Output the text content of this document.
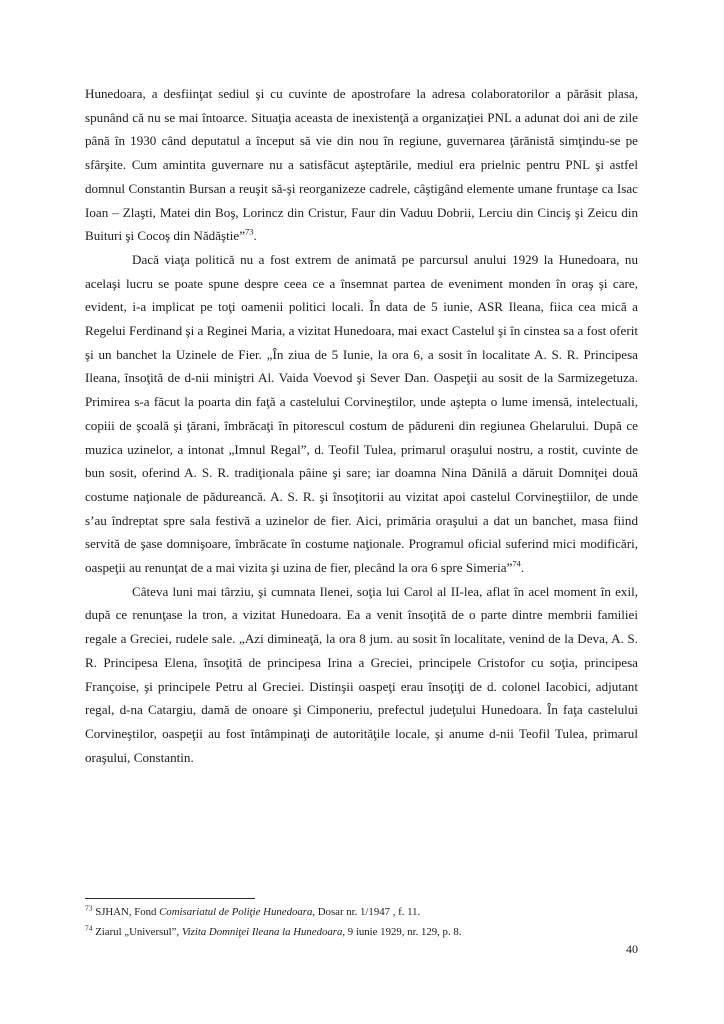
Hunedoara, a desfiinţat sediul şi cu cuvinte de apostrofare la adresa colaboratorilor a părăsit plasa, spunând că nu se mai întoarce. Situaţia aceasta de inexistenţă a organizaţiei PNL a adunat doi ani de zile până în 1930 când deputatul a început să vie din nou în regiune, guvernarea ţărănistă simţindu-se pe sfârşite. Cum amintita guvernare nu a satisfăcut aşteptările, mediul era prielnic pentru PNL şi astfel domnul Constantin Bursan a reuşit să-şi reorganizeze cadrele, câştigând elemente umane fruntaşe ca Isac Ioan – Zlaşti, Matei din Boş, Lorincz din Cristur, Faur din Vaduu Dobrii, Lerciu din Cinciş şi Zeicu din Buituri şi Cocoş din Nădăştie”$^{73}$.

Dacă viaţa politică nu a fost extrem de animată pe parcursul anului 1929 la Hunedoara, nu acelaşi lucru se poate spune despre ceea ce a însemnat partea de eveniment monden în oraş şi care, evident, i-a implicat pe toţi oamenii politici locali. În data de 5 iunie, ASR Ileana, fiica cea mică a Regelui Ferdinand şi a Reginei Maria, a vizitat Hunedoara, mai exact Castelul şi în cinstea sa a fost oferit şi un banchet la Uzinele de Fier. „În ziua de 5 Iunie, la ora 6, a sosit în localitate A. S. R. Principesa Ileana, însoţită de d-nii miniştri Al. Vaida Voevod şi Sever Dan. Oaspeţii au sosit de la Sarmizegetuza. Primirea s-a făcut la poarta din faţă a castelului Corvineştilor, unde aştepta o lume imensă, intelectuali, copiii de şcoală şi ţărani, îmbrăcaţi în pitorescul costum de pădureni din regiunea Ghelarului. După ce muzica uzinelor, a intonat „Imnul Regal”, d. Teofil Tulea, primarul oraşului nostru, a rostit, cuvinte de bun sosit, oferind A. S. R. tradiţionala pâine şi sare; iar doamna Nina Dănilă a dăruit Domniţei două costume naţionale de pădureancă. A. S. R. şi însoţitorii au vizitat apoi castelul Corvineştiilor, de unde s’au îndreptat spre sala festivă a uzinelor de fier. Aici, primăria oraşului a dat un banchet, masa fiind servită de şase domnişoare, îmbrăcate în costume naţionale. Programul oficial suferind mici modificări, oaspeţii au renunţat de a mai vizita şi uzina de fier, plecând la ora 6 spre Simeria”$^{74}$.

Câteva luni mai târziu, şi cumnata Ilenei, soţia lui Carol al II-lea, aflat în acel moment în exil, după ce renunţase la tron, a vizitat Hunedoara. Ea a venit însoţită de o parte dintre membrii familiei regale a Greciei, rudele sale. „Azi dimineaţă, la ora 8 jum. au sosit în localitate, venind de la Deva, A. S. R. Principesa Elena, însoţită de principesa Irina a Greciei, principele Cristofor cu soţia, principesa Françoise, şi principele Petru al Greciei. Distinşii oaspeţi erau însoţiţi de d. colonel Iacobici, adjutant regal, d-na Catargiu, damă de onoare şi Cimponeriu, prefectul judeţului Hunedoara. În faţa castelului Corvineştilor, oaspeţii au fost întâmpinaţi de autorităţile locale, şi anume d-nii Teofil Tulea, primarul oraşului, Constantin.

$^{73}$ SJHAN, Fond Comisariatul de Poliţie Hunedoara, Dosar nr. 1/1947 , f. 11.

$^{74}$ Ziarul „Universul”, Vizita Domniţei Ileana la Hunedoara, 9 iunie 1929, nr. 129, p. 8.

40
